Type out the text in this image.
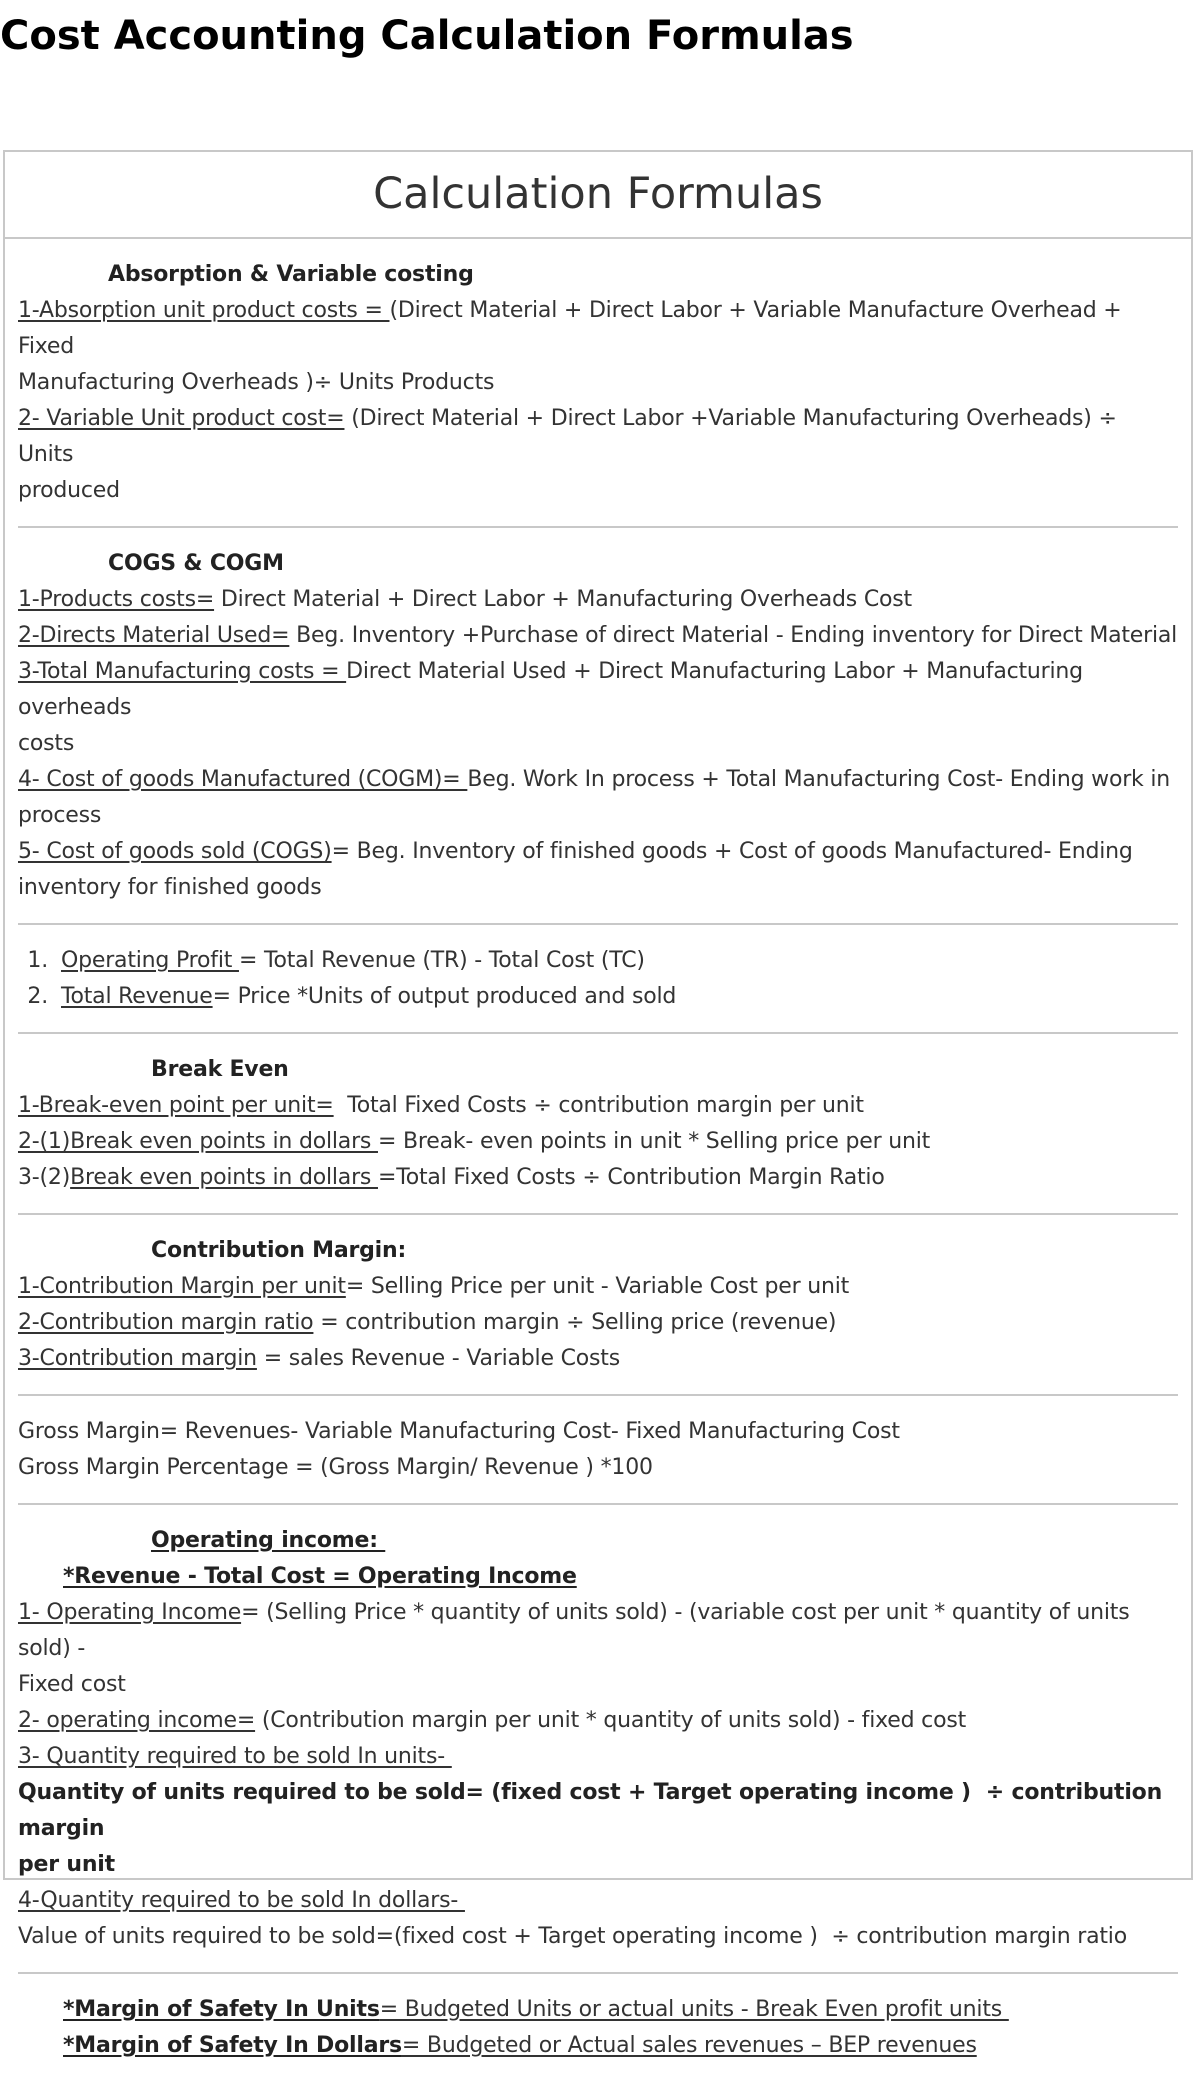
Cost Accounting Calculation Formulas
Calculation Formulas

Absorption & Variable costing

1-Absorption unit product costs = (Direct Material + Direct Labor + Variable Manufacture Overhead + Fixed

Manufacturing Overheads )÷ Units Products

2- Variable Unit product cost= (Direct Material + Direct Labor +Variable Manufacturing Overheads) ÷ Units

produced

COGS & COGM

1-Products costs= Direct Material + Direct Labor + Manufacturing Overheads Cost

2-Directs Material Used= Beg. Inventory +Purchase of direct Material - Ending inventory for Direct Material

3-Total Manufacturing costs = Direct Material Used + Direct Manufacturing Labor + Manufacturing overheads

costs

4- Cost of goods Manufactured (COGM)= Beg. Work In process + Total Manufacturing Cost- Ending work in

process

5- Cost of goods sold (COGS)= Beg. Inventory of finished goods + Cost of goods Manufactured- Ending

inventory for finished goods

1. Operating Profit = Total Revenue (TR) - Total Cost (TC)

2. Total Revenue= Price *Units of output produced and sold

Break Even

1-Break-even point per unit=  Total Fixed Costs ÷ contribution margin per unit

2-(1)Break even points in dollars = Break- even points in unit * Selling price per unit

3-(2)Break even points in dollars =Total Fixed Costs ÷ Contribution Margin Ratio

Contribution Margin:

1-Contribution Margin per unit= Selling Price per unit - Variable Cost per unit

2-Contribution margin ratio = contribution margin ÷ Selling price (revenue)

3-Contribution margin = sales Revenue - Variable Costs

Gross Margin= Revenues- Variable Manufacturing Cost- Fixed Manufacturing Cost

Gross Margin Percentage = (Gross Margin/ Revenue ) *100

Operating income:

*Revenue - Total Cost = Operating Income

1- Operating Income= (Selling Price * quantity of units sold) - (variable cost per unit * quantity of units sold) -

Fixed cost

2- operating income= (Contribution margin per unit * quantity of units sold) - fixed cost

3- Quantity required to be sold In units-

Quantity of units required to be sold= (fixed cost + Target operating income )  ÷ contribution margin

per unit

4-Quantity required to be sold In dollars-

Value of units required to be sold=(fixed cost + Target operating income )  ÷ contribution margin ratio

*Margin of Safety In Units= Budgeted Units or actual units - Break Even profit units

*Margin of Safety In Dollars= Budgeted or Actual sales revenues – BEP revenues
